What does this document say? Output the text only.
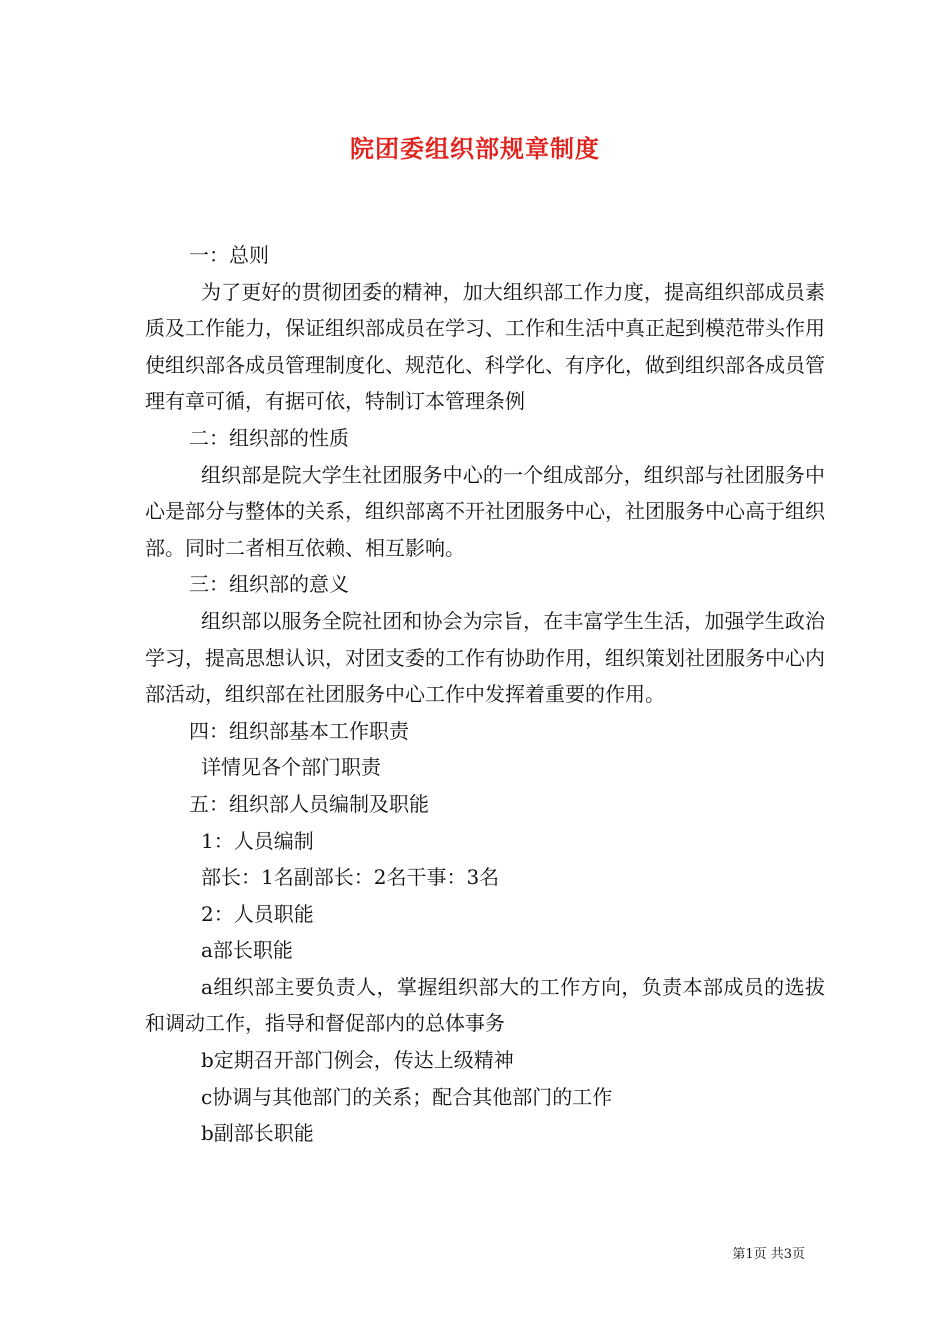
院团委组织部规章制度

一：总则

为了更好的贯彻团委的精神，加大组织部工作力度，提高组织部成员素质及工作能力，保证组织部成员在学习、工作和生活中真正起到模范带头作用使组织部各成员管理制度化、规范化、科学化、有序化，做到组织部各成员管理有章可循，有据可依，特制订本管理条例

二：组织部的性质

组织部是院大学生社团服务中心的一个组成部分，组织部与社团服务中心是部分与整体的关系，组织部离不开社团服务中心，社团服务中心高于组织部。同时二者相互依赖、相互影响。

三：组织部的意义

组织部以服务全院社团和协会为宗旨，在丰富学生生活，加强学生政治学习，提高思想认识，对团支委的工作有协助作用，组织策划社团服务中心内部活动，组织部在社团服务中心工作中发挥着重要的作用。

四：组织部基本工作职责

详情见各个部门职责

五：组织部人员编制及职能

1：人员编制

部长：1名副部长：2名干事：3名

2：人员职能

a部长职能

a组织部主要负责人，掌握组织部大的工作方向，负责本部成员的选拔和调动工作，指导和督促部内的总体事务

b定期召开部门例会，传达上级精神

c协调与其他部门的关系；配合其他部门的工作

b副部长职能

第1页 共3页
